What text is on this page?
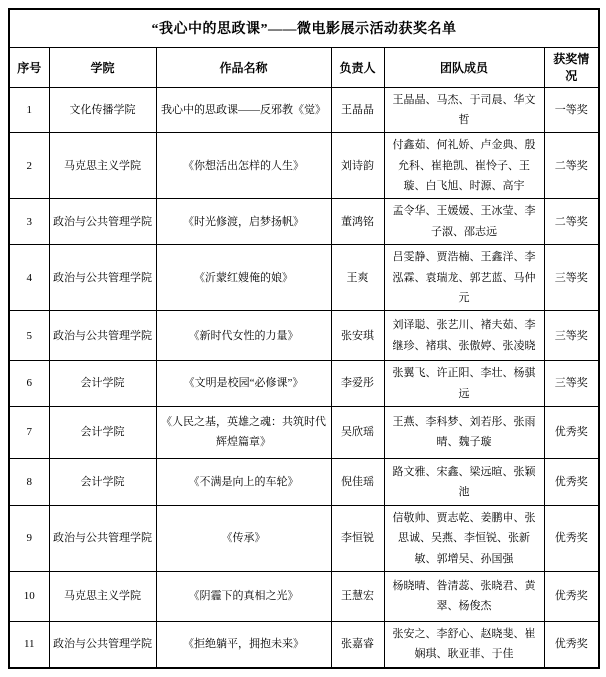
“我心中的思政课”——微电影展示活动获奖名单					
序号	学院	作品名称	负责人	团队成员	获奖情况
1	文化传播学院	我心中的思政课——反邪教《觉》	王晶晶	王晶晶、马杰、于司晨、华文哲	一等奖
2	马克思主义学院	《你想活出怎样的人生》	刘诗韵	付鑫茹、何礼娇、卢金典、殷允科、崔艳凯、崔怜子、王璇、白飞旭、时源、高宇	二等奖
3	政治与公共管理学院	《时光修渡，启梦扬帆》	董鸿铭	孟令华、王媛媛、王冰莹、李子淑、邵志远	二等奖
4	政治与公共管理学院	《沂蒙红嫂俺的娘》	王爽	吕雯静、贾浩楠、王鑫洋、李泓霖、袁瑞龙、郭艺蓝、马仲元	三等奖
5	政治与公共管理学院	《新时代女性的力量》	张安琪	刘译聪、张艺川、褚夫茹、李继珍、褚琪、张傲婷、张凌晓	三等奖
6	会计学院	《文明是校园“必修课”》	李爱彤	张翼飞、许正阳、李壮、杨骐远	三等奖
7	会计学院	《人民之基，英雄之魂：共筑时代辉煌篇章》	吴欣瑶	王燕、李科梦、刘若彤、张雨晴、魏子璇	优秀奖
8	会计学院	《不满是向上的车轮》	倪佳瑶	路文雅、宋鑫、梁远暄、张颖池	优秀奖
9	政治与公共管理学院	《传承》	李恒锐	信敬帅、贾志乾、姜鹏申、张思诚、吴燕、李恒锐、张新敏、郭增吴、孙国强	优秀奖
10	马克思主义学院	《阴霾下的真相之光》	王慧宏	杨晓晴、昝清蕊、张晓君、黄翠、杨俊杰	优秀奖
11	政治与公共管理学院	《拒绝躺平，拥抱未来》	张嘉睿	张安之、李舒心、赵晓斐、崔娴琪、耿亚菲、于佳	优秀奖
